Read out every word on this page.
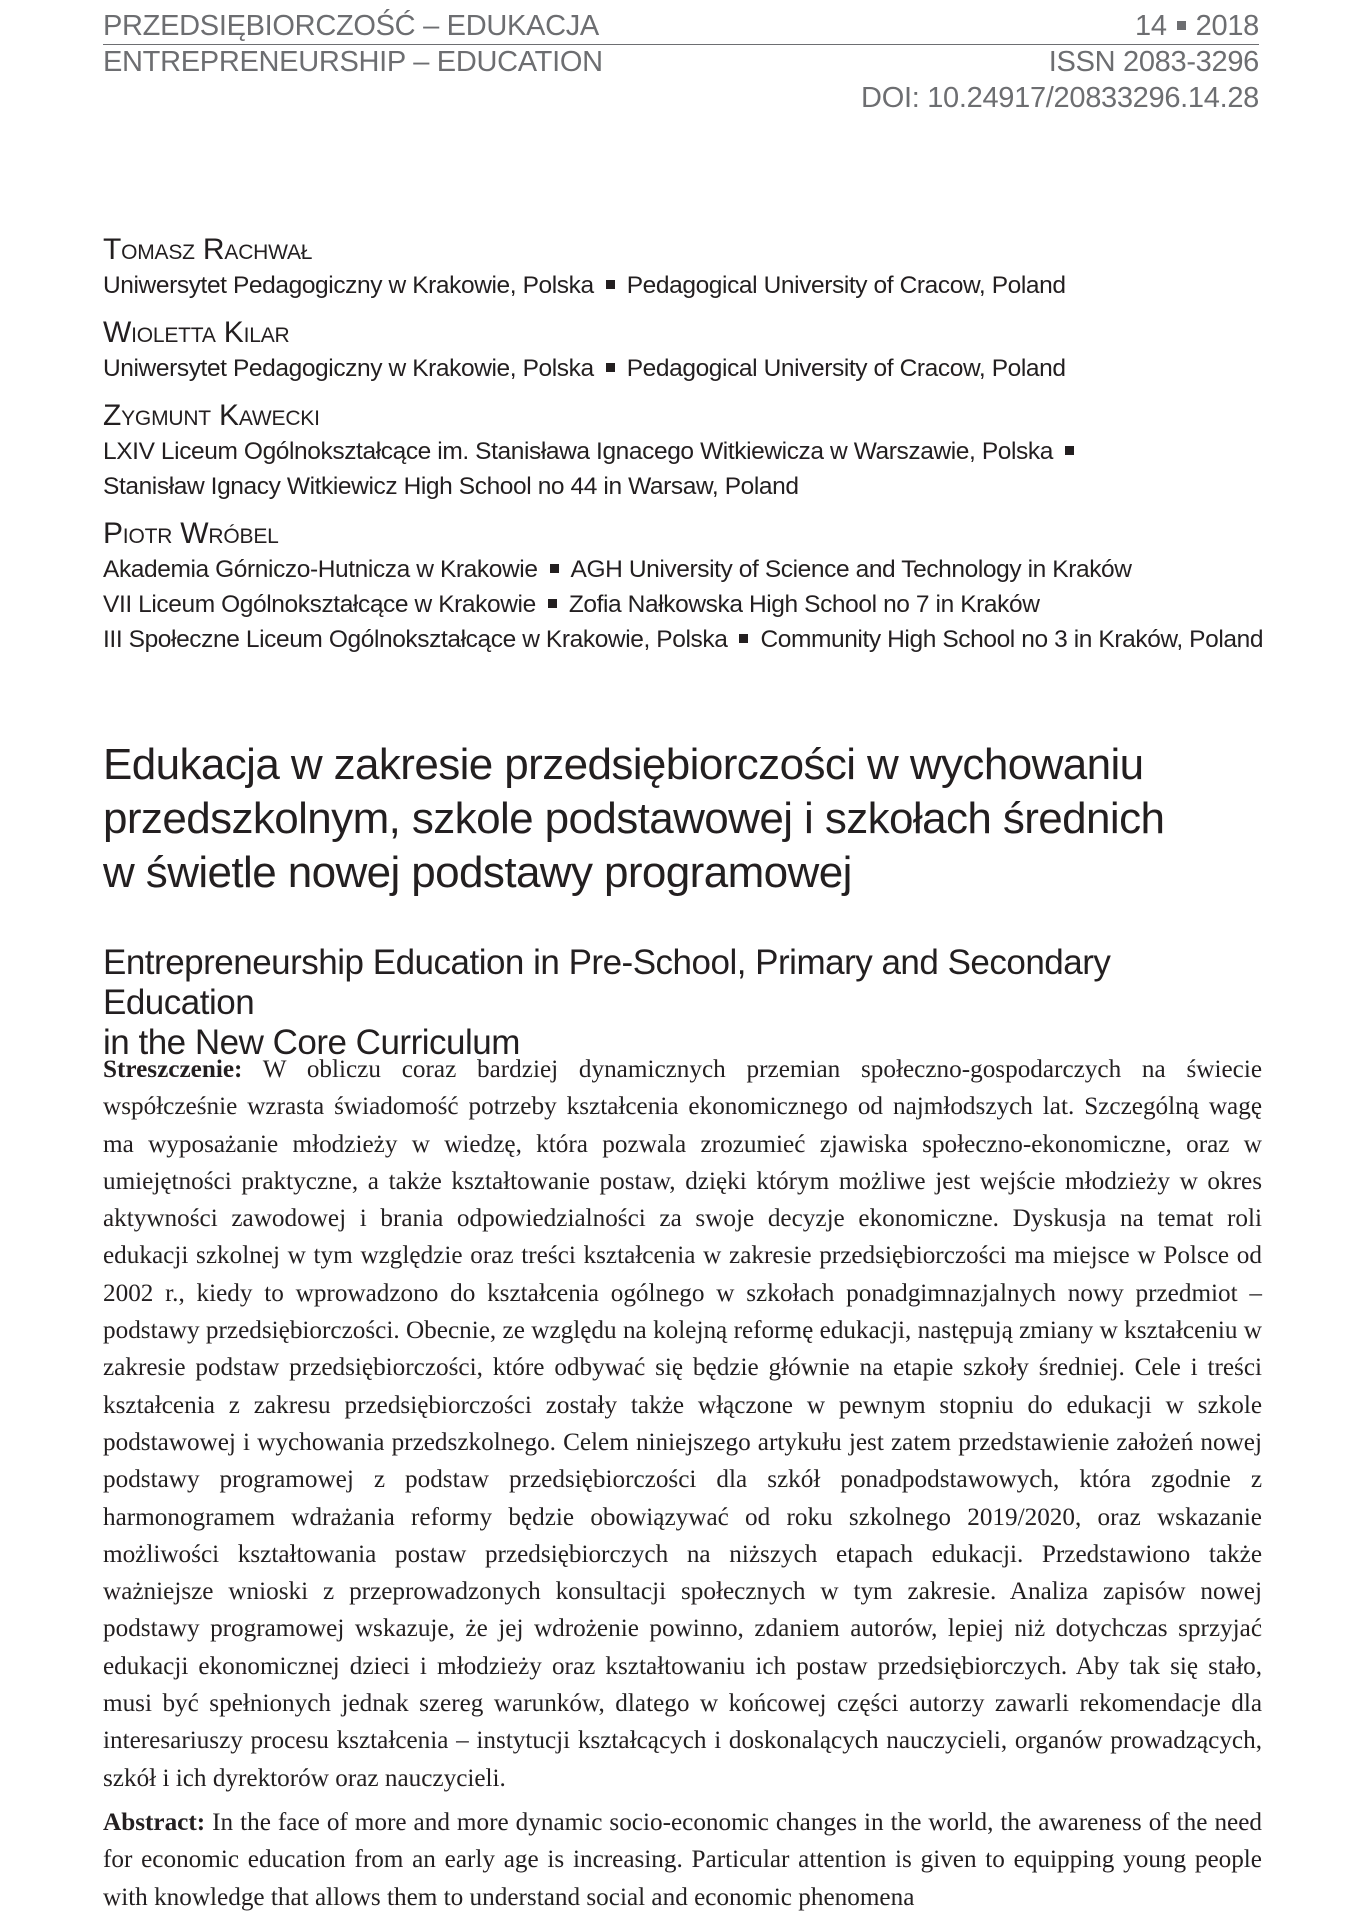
PRZEDSIĘBIORCZOŚĆ – EDUKACJA
ENTREPRENEURSHIP – EDUCATION
14 2018
ISSN 2083-3296
DOI: 10.24917/20833296.14.28
Tomasz Rachwał
Uniwersytet Pedagogiczny w Krakowie, Polska Pedagogical University of Cracow, Poland
Wioletta Kilar
Uniwersytet Pedagogiczny w Krakowie, Polska Pedagogical University of Cracow, Poland
Zygmunt Kawecki
LXIV Liceum Ogólnokształcące im. Stanisława Ignacego Witkiewicza w Warszawie, Polska
Stanisław Ignacy Witkiewicz High School no 44 in Warsaw, Poland
Piotr Wróbel
Akademia Górniczo-Hutnicza w Krakowie AGH University of Science and Technology in Kraków
VII Liceum Ogólnokształcące w Krakowie Zofia Nałkowska High School no 7 in Kraków
III Społeczne Liceum Ogólnokształcące w Krakowie, Polska Community High School no 3 in Kraków, Poland
Edukacja w zakresie przedsiębiorczości w wychowaniu
przedszkolnym, szkole podstawowej i szkołach średnich
w świetle nowej podstawy programowej
Entrepreneurship Education in Pre-School, Primary and Secondary Education
in the New Core Curriculum
Streszczenie: W obliczu coraz bardziej dynamicznych przemian społeczno-gospodarczych na świecie współcześnie wzrasta świadomość potrzeby kształcenia ekonomicznego od najmłodszych lat. Szczególną wagę ma wyposażanie młodzieży w wiedzę, która pozwala zrozumieć zjawiska społeczno-ekonomiczne, oraz w umiejętności praktyczne, a także kształtowanie postaw, dzięki którym możliwe jest wejście młodzieży w okres aktywności zawodowej i brania odpowiedzialności za swoje decyzje ekonomiczne. Dyskusja na temat roli edukacji szkolnej w tym względzie oraz treści kształcenia w zakresie przedsiębiorczości ma miejsce w Polsce od 2002 r., kiedy to wprowadzono do kształcenia ogólnego w szkołach ponadgimnazjalnych nowy przedmiot – podstawy przedsiębiorczości. Obecnie, ze względu na kolejną reformę edukacji, następują zmiany w kształceniu w zakresie podstaw przedsiębiorczości, które odbywać się będzie głównie na etapie szkoły średniej. Cele i treści kształcenia z zakresu przedsiębiorczości zostały także włączone w pewnym stopniu do edukacji w szkole podstawowej i wychowania przedszkolnego. Celem niniejszego artykułu jest zatem przedstawienie założeń nowej podstawy programowej z podstaw przedsiębiorczości dla szkół ponadpodstawowych, która zgodnie z harmonogramem wdrażania reformy będzie obowiązywać od roku szkolnego 2019/2020, oraz wskazanie możliwości kształtowania postaw przedsiębiorczych na niższych etapach edukacji. Przedstawiono także ważniejsze wnioski z przeprowadzonych konsultacji społecznych w tym zakresie. Analiza zapisów nowej podstawy programowej wskazuje, że jej wdrożenie powinno, zdaniem autorów, lepiej niż dotychczas sprzyjać edukacji ekonomicznej dzieci i młodzieży oraz kształtowaniu ich postaw przedsiębiorczych. Aby tak się stało, musi być spełnionych jednak szereg warunków, dlatego w końcowej części autorzy zawarli rekomendacje dla interesariuszy procesu kształcenia – instytucji kształcących i doskonalących nauczycieli, organów prowadzących, szkół i ich dyrektorów oraz nauczycieli.
Abstract: In the face of more and more dynamic socio-economic changes in the world, the awareness of the need for economic education from an early age is increasing. Particular attention is given to equipping young people with knowledge that allows them to understand social and economic phenomena
